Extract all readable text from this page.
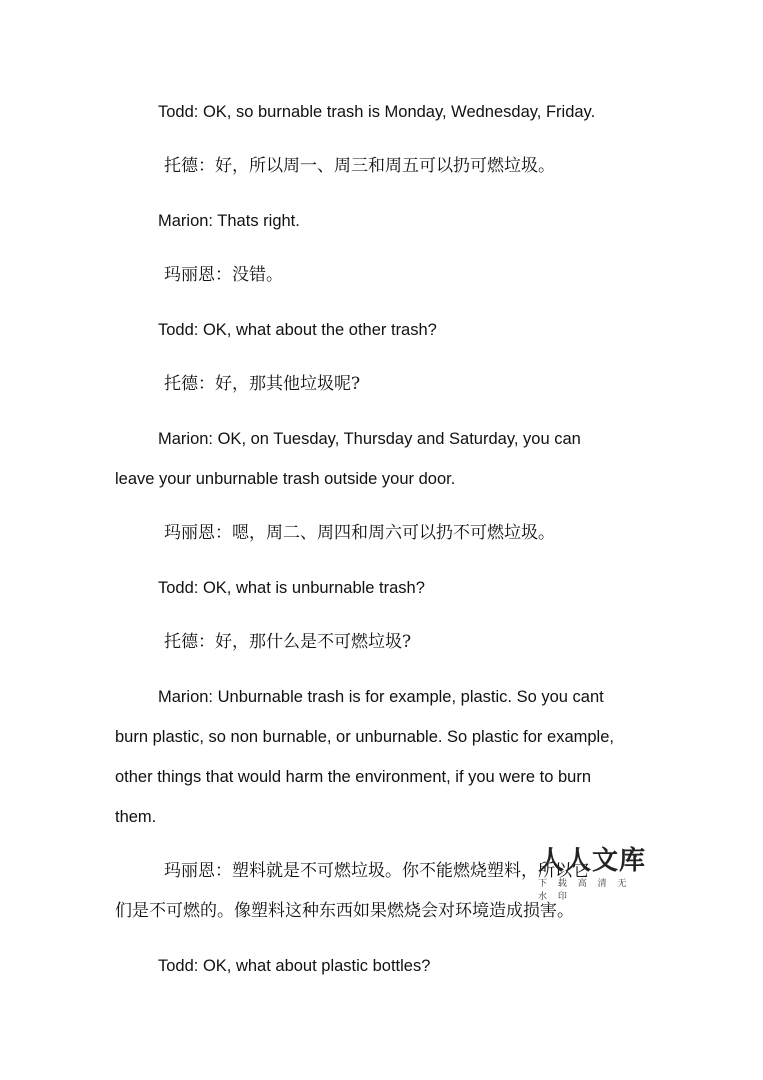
Todd: OK, so burnable trash is Monday, Wednesday, Friday.
托德：好，所以周一、周三和周五可以扔可燃垃圾。
Marion: Thats right.
玛丽恩：没错。
Todd: OK, what about the other trash?
托德：好，那其他垃圾呢?
Marion: OK, on Tuesday, Thursday and Saturday, you can
leave your unburnable trash outside your door.
玛丽恩：嗯，周二、周四和周六可以扔不可燃垃圾。
Todd: OK, what is unburnable trash?
托德：好，那什么是不可燃垃圾?
Marion: Unburnable trash is for example, plastic. So you cant
burn plastic, so non burnable, or unburnable. So plastic for example,
other things that would harm the environment, if you were to burn
them.
玛丽恩：塑料就是不可燃垃圾。你不能燃烧塑料，所以它
们是不可燃的。像塑料这种东西如果燃烧会对环境造成损害。
Todd: OK, what about plastic bottles?
人人文库
下 载 高 清 无 水 印
